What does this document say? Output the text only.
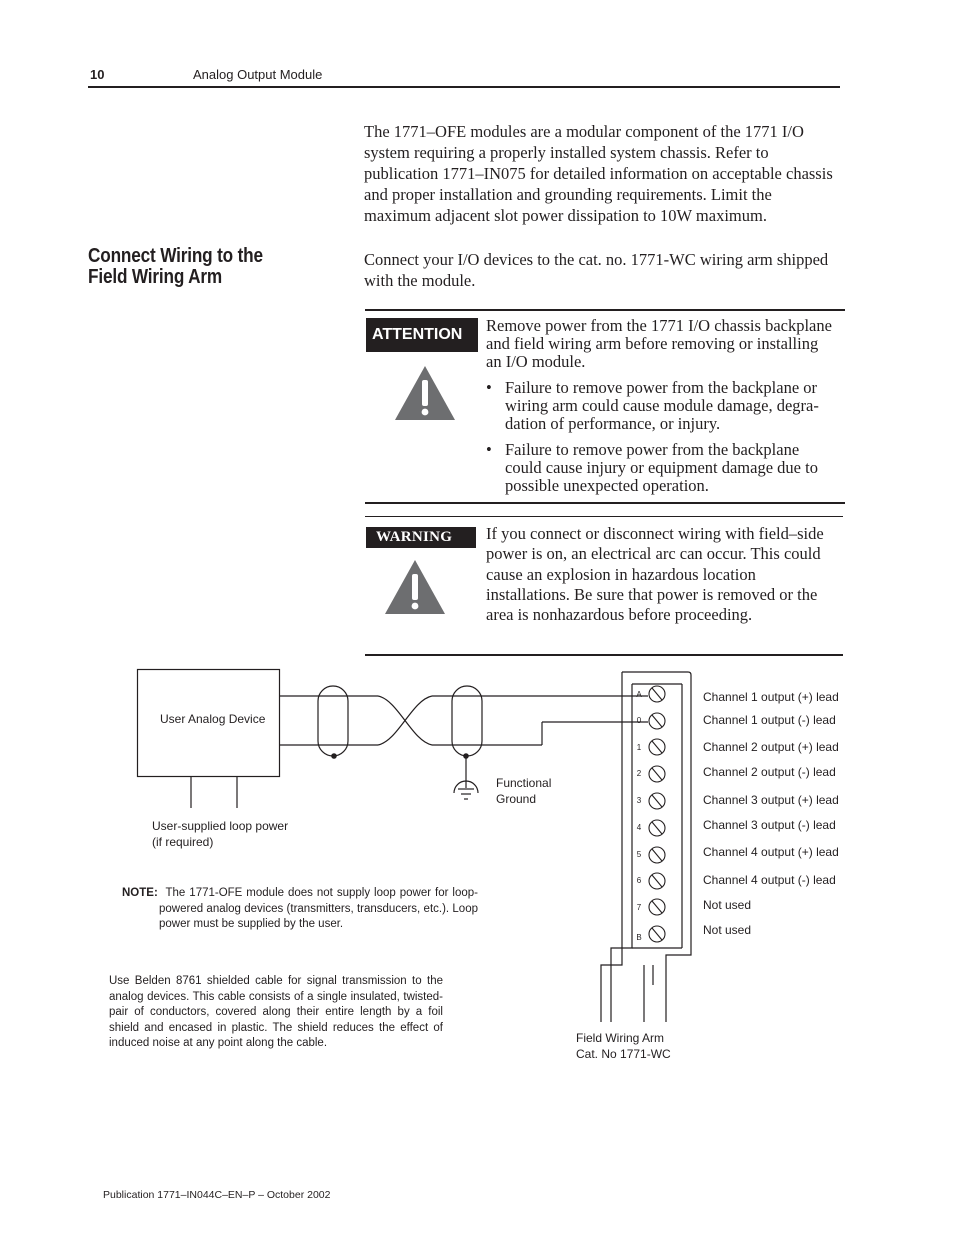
10	Analog Output Module
The 1771–OFE modules are a modular component of the 1771 I/O system requiring a properly installed system chassis. Refer to publication 1771–IN075 for detailed information on acceptable chassis and proper installation and grounding requirements. Limit the maximum adjacent slot power dissipation to 10W maximum.
Connect Wiring to the
Field Wiring Arm
Connect your I/O devices to the cat. no. 1771-WC wiring arm shipped with the module.
ATTENTION	Remove power from the 1771 I/O chassis backplane and field wiring arm before removing or installing an I/O module.
• Failure to remove power from the backplane or wiring arm could cause module damage, degra-dation of performance, or injury.
• Failure to remove power from the backplane could cause injury or equipment damage due to possible unexpected operation.
WARNING	If you connect or disconnect wiring with field–side power is on, an electrical arc can occur. This could cause an explosion in hazardous location installations. Be sure that power is removed or the area is nonhazardous before proceeding.
A
0
1
2
3
4
5
6
7
B
User Analog Device
User-supplied loop power
(if required)
Functional
Ground
Field Wiring Arm
Cat. No 1771-WC
Channel 1 output (+) lead
Channel 1 output (-) lead
Channel 2 output (+) lead
Channel 2 output (-) lead
Channel 3 output (+) lead
Channel 3 output (-) lead
Channel 4 output (+) lead
Channel 4 output (-) lead
Not used
Not used
NOTE: The 1771-OFE module does not supply loop power for loop-powered analog devices (transmitters, transducers, etc.). Loop power must be supplied by the user.
Use Belden 8761 shielded cable for signal transmission to the analog devices. This cable consists of a single insulated, twisted-pair of conductors, covered along their entire length by a foil shield and encased in plastic. The shield reduces the effect of induced noise at any point along the cable.
Publication 1771–IN044C–EN–P – October 2002
